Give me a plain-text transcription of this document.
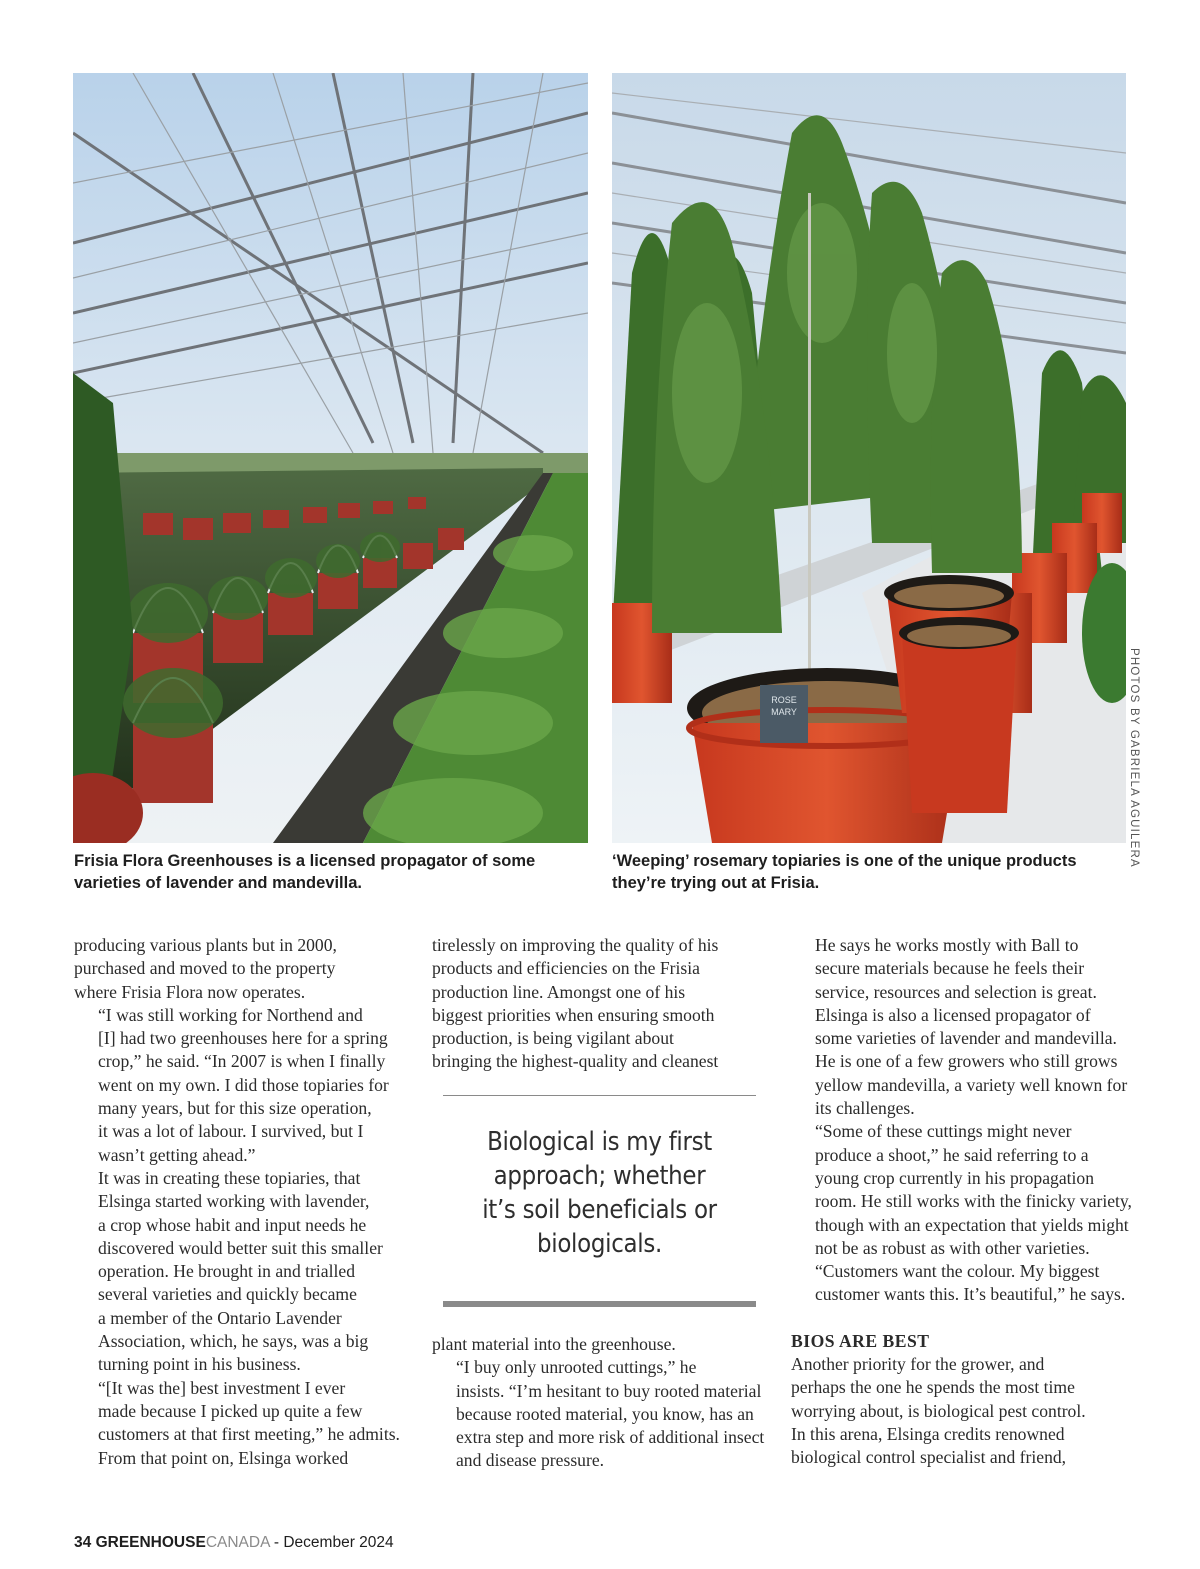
ROSE
MARY	PHOTOS BY GABRIELA AGUILERA
Frisia Flora Greenhouses is a licensed propagator of some
varieties of lavender and mandevilla.
‘Weeping’ rosemary topiaries is one of the unique products
they’re trying out at Frisia.

producing various plants but in 2000,
purchased and moved to the property
where Frisia Flora now operates.

“I was still working for Northend and
[I] had two greenhouses here for a spring
crop,” he said. “In 2007 is when I finally
went on my own. I did those topiaries for
many years, but for this size operation,
it was a lot of labour. I survived, but I
wasn’t getting ahead.”

It was in creating these topiaries, that
Elsinga started working with lavender,
a crop whose habit and input needs he
discovered would better suit this smaller
operation. He brought in and trialled
several varieties and quickly became
a member of the Ontario Lavender
Association, which, he says, was a big
turning point in his business.

“[It was the] best investment I ever
made because I picked up quite a few
customers at that first meeting,” he admits.

From that point on, Elsinga worked

tirelessly on improving the quality of his
products and efficiencies on the Frisia
production line. Amongst one of his
biggest priorities when ensuring smooth
production, is being vigilant about
bringing the highest-quality and cleanest

Biological is my first
approach; whether
it’s soil beneficials or
biologicals.

plant material into the greenhouse.

“I buy only unrooted cuttings,” he
insists. “I’m hesitant to buy rooted material
because rooted material, you know, has an
extra step and more risk of additional insect
and disease pressure.

He says he works mostly with Ball to
secure materials because he feels their
service, resources and selection is great.

Elsinga is also a licensed propagator of
some varieties of lavender and mandevilla.
He is one of a few growers who still grows
yellow mandevilla, a variety well known for
its challenges.

“Some of these cuttings might never
produce a shoot,” he said referring to a
young crop currently in his propagation
room. He still works with the finicky variety,
though with an expectation that yields might
not be as robust as with other varieties.

“Customers want the colour. My biggest
customer wants this. It’s beautiful,” he says.

BIOS ARE BEST

Another priority for the grower, and
perhaps the one he spends the most time
worrying about, is biological pest control.
In this arena, Elsinga credits renowned
biological control specialist and friend,

34 GREENHOUSECANADA - December 2024
